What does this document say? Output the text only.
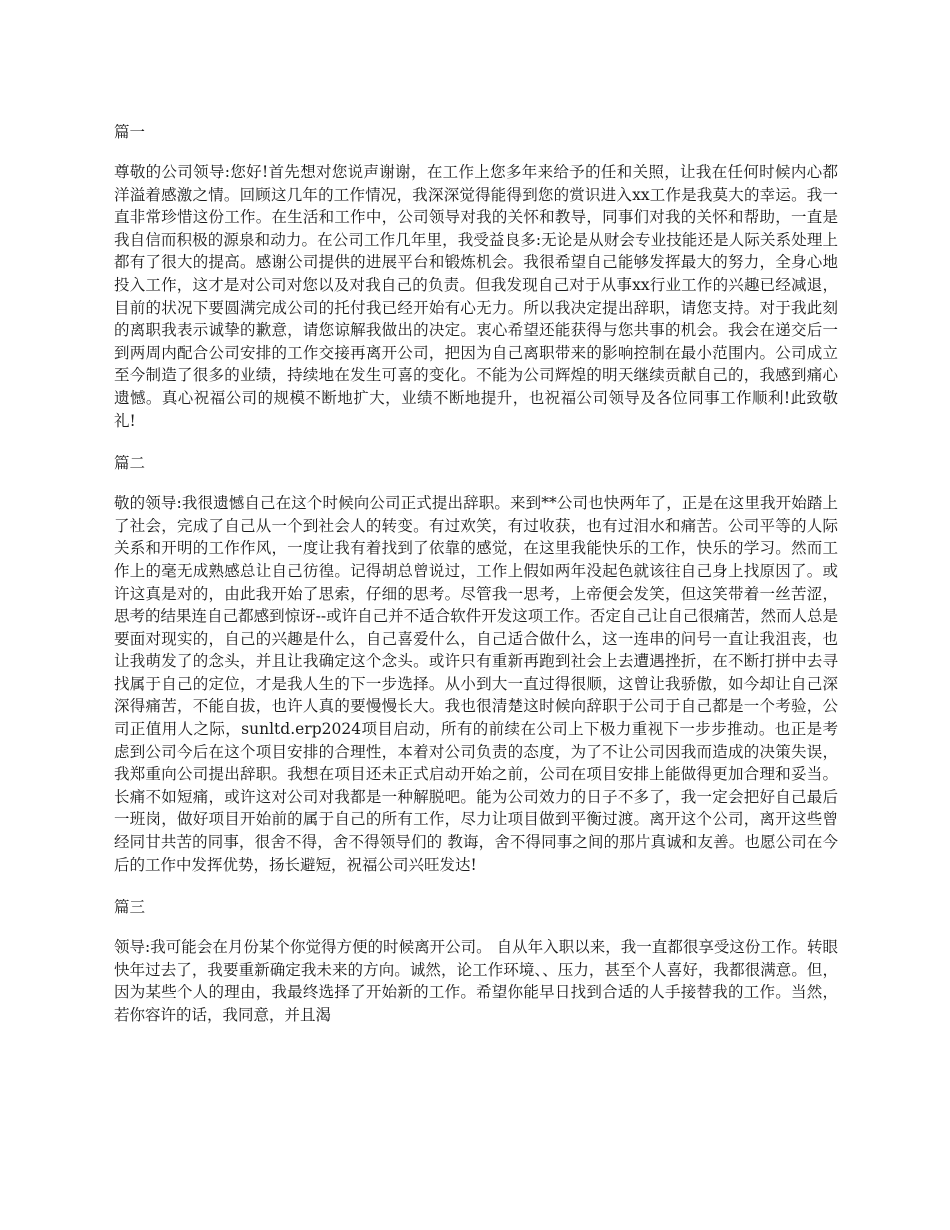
篇一
尊敬的公司领导:您好!首先想对您说声谢谢，在工作上您多年来给予的任和关照，让我在任何时候内心都洋溢着感激之情。回顾这几年的工作情况，我深深觉得能得到您的赏识进入xx工作是我莫大的幸运。我一直非常珍惜这份工作。在生活和工作中，公司领导对我的关怀和教导，同事们对我的关怀和帮助，一直是我自信而积极的源泉和动力。在公司工作几年里，我受益良多:无论是从财会专业技能还是人际关系处理上都有了很大的提高。感谢公司提供的进展平台和锻炼机会。我很希望自己能够发挥最大的努力，全身心地投入工作，这才是对公司对您以及对我自己的负责。但我发现自己对于从事xx行业工作的兴趣已经减退，目前的状况下要圆满完成公司的托付我已经开始有心无力。所以我决定提出辞职，请您支持。对于我此刻的离职我表示诚挚的歉意，请您谅解我做出的决定。衷心希望还能获得与您共事的机会。我会在递交后一到两周内配合公司安排的工作交接再离开公司，把因为自己离职带来的影响控制在最小范围内。公司成立至今制造了很多的业绩，持续地在发生可喜的变化。不能为公司辉煌的明天继续贡献自己的，我感到痛心遗憾。真心祝福公司的规模不断地扩大，业绩不断地提升，也祝福公司领导及各位同事工作顺利!此致敬礼!
篇二
敬的领导:我很遗憾自己在这个时候向公司正式提出辞职。来到**公司也快两年了，正是在这里我开始踏上了社会，完成了自己从一个到社会人的转变。有过欢笑，有过收获，也有过泪水和痛苦。公司平等的人际关系和开明的工作作风，一度让我有着找到了依靠的感觉，在这里我能快乐的工作，快乐的学习。然而工作上的毫无成熟感总让自己彷徨。记得胡总曾说过，工作上假如两年没起色就该往自己身上找原因了。或许这真是对的，由此我开始了思索，仔细的思考。尽管我一思考，上帝便会发笑，但这笑带着一丝苦涩，思考的结果连自己都感到惊讶--或许自己并不适合软件开发这项工作。否定自己让自己很痛苦，然而人总是要面对现实的，自己的兴趣是什么，自己喜爱什么，自己适合做什么，这一连串的问号一直让我沮丧，也让我萌发了的念头，并且让我确定这个念头。或许只有重新再跑到社会上去遭遇挫折，在不断打拼中去寻找属于自己的定位，才是我人生的下一步选择。从小到大一直过得很顺，这曾让我骄傲，如今却让自己深深得痛苦，不能自拔，也许人真的要慢慢长大。我也很清楚这时候向辞职于公司于自己都是一个考验，公司正值用人之际，sunltd.erp2024项目启动，所有的前续在公司上下极力重视下一步步推动。也正是考虑到公司今后在这个项目安排的合理性，本着对公司负责的态度，为了不让公司因我而造成的决策失误，我郑重向公司提出辞职。我想在项目还未正式启动开始之前，公司在项目安排上能做得更加合理和妥当。长痛不如短痛，或许这对公司对我都是一种解脱吧。能为公司效力的日子不多了，我一定会把好自己最后一班岗，做好项目开始前的属于自己的所有工作，尽力让项目做到平衡过渡。离开这个公司，离开这些曾经同甘共苦的同事，很舍不得，舍不得领导们的 教诲，舍不得同事之间的那片真诚和友善。也愿公司在今后的工作中发挥优势，扬长避短，祝福公司兴旺发达!
篇三
领导:我可能会在月份某个你觉得方便的时候离开公司。 自从年入职以来，我一直都很享受这份工作。转眼快年过去了，我要重新确定我未来的方向。诚然，论工作环境、、压力，甚至个人喜好，我都很满意。但，因为某些个人的理由，我最终选择了开始新的工作。希望你能早日找到合适的人手接替我的工作。当然，若你容许的话，我同意，并且渴
